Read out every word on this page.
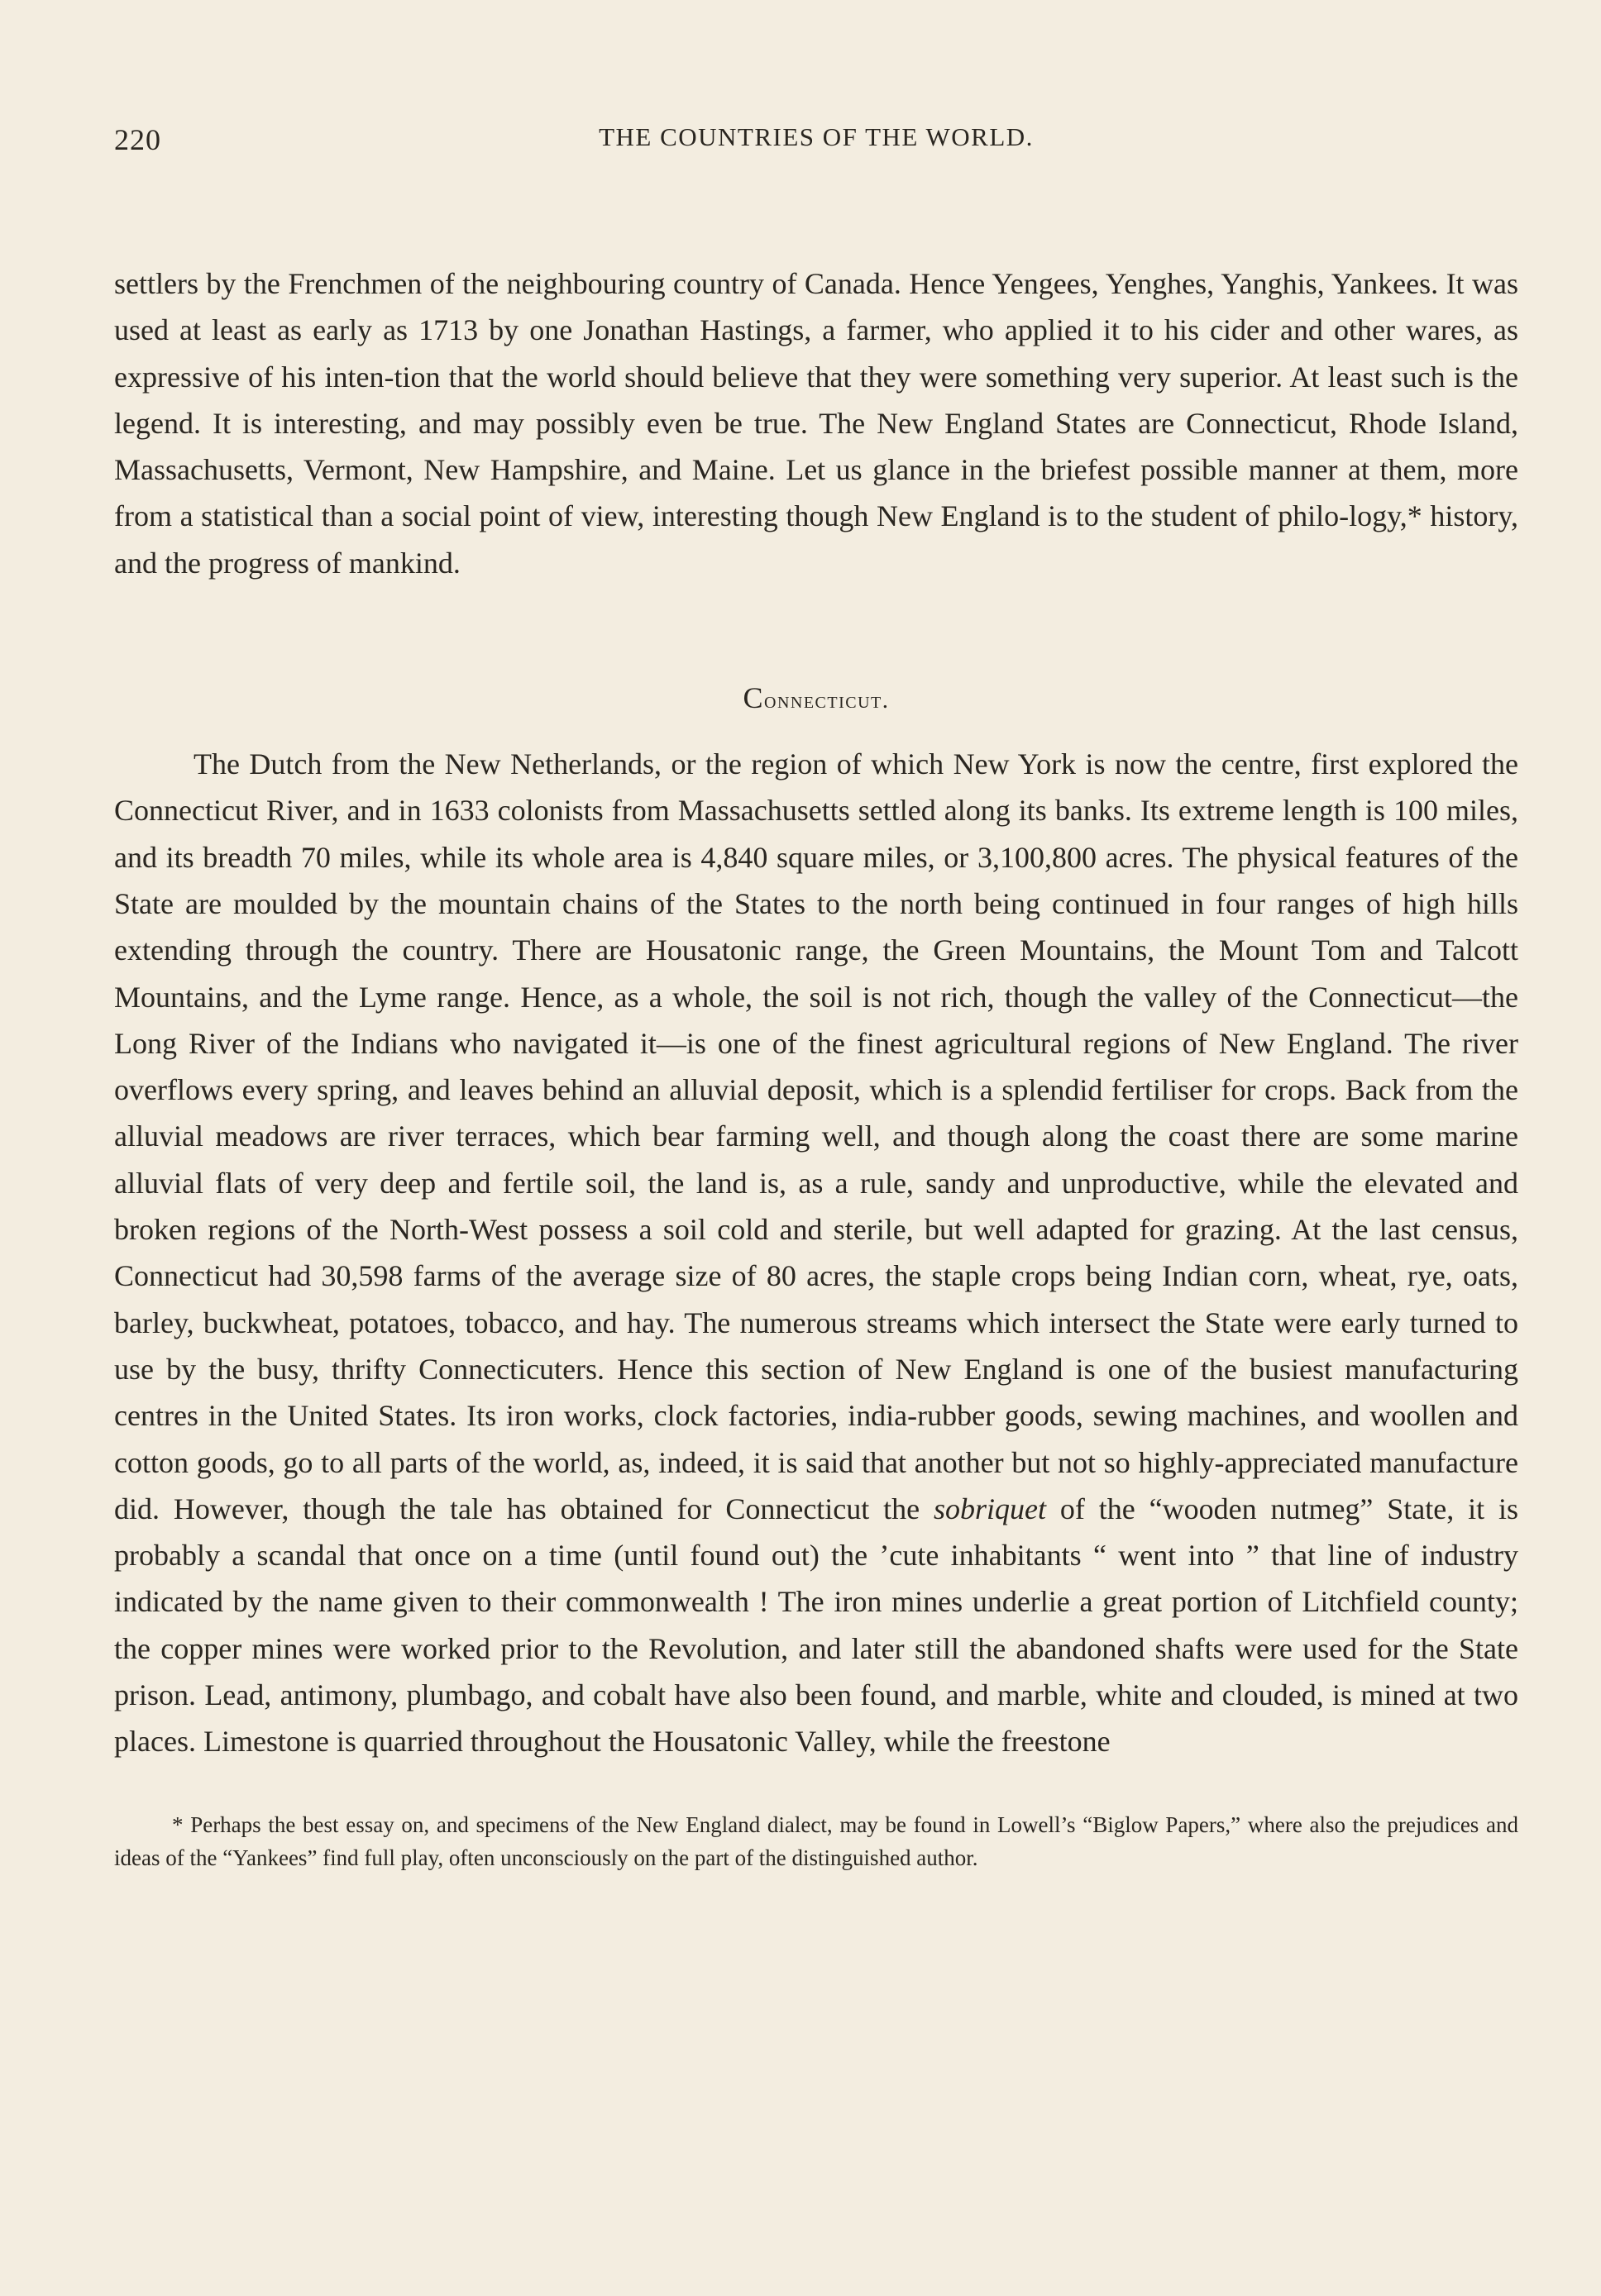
220	THE COUNTRIES OF THE WORLD.

settlers by the Frenchmen of the neighbouring country of Canada. Hence Yengees, Yenghes, Yanghis, Yankees. It was used at least as early as 1713 by one Jonathan Hastings, a farmer, who applied it to his cider and other wares, as expressive of his inten-tion that the world should believe that they were something very superior. At least such is the legend. It is interesting, and may possibly even be true. The New England States are Connecticut, Rhode Island, Massachusetts, Vermont, New Hampshire, and Maine. Let us glance in the briefest possible manner at them, more from a statistical than a social point of view, interesting though New England is to the student of philo-logy,* history, and the progress of mankind.

Connecticut.

The Dutch from the New Netherlands, or the region of which New York is now the centre, first explored the Connecticut River, and in 1633 colonists from Massachusetts settled along its banks. Its extreme length is 100 miles, and its breadth 70 miles, while its whole area is 4,840 square miles, or 3,100,800 acres. The physical features of the State are moulded by the mountain chains of the States to the north being continued in four ranges of high hills extending through the country. There are Housatonic range, the Green Mountains, the Mount Tom and Talcott Mountains, and the Lyme range. Hence, as a whole, the soil is not rich, though the valley of the Connecticut—the Long River of the Indians who navigated it—is one of the finest agricultural regions of New England. The river overflows every spring, and leaves behind an alluvial deposit, which is a splendid fertiliser for crops. Back from the alluvial meadows are river terraces, which bear farming well, and though along the coast there are some marine alluvial flats of very deep and fertile soil, the land is, as a rule, sandy and unproductive, while the elevated and broken regions of the North-West possess a soil cold and sterile, but well adapted for grazing. At the last census, Connecticut had 30,598 farms of the average size of 80 acres, the staple crops being Indian corn, wheat, rye, oats, barley, buckwheat, potatoes, tobacco, and hay. The numerous streams which intersect the State were early turned to use by the busy, thrifty Connecticuters. Hence this section of New England is one of the busiest manufacturing centres in the United States. Its iron works, clock factories, india-rubber goods, sewing machines, and woollen and cotton goods, go to all parts of the world, as, indeed, it is said that another but not so highly-appreciated manufacture did. However, though the tale has obtained for Connecticut the sobriquet of the “wooden nutmeg” State, it is probably a scandal that once on a time (until found out) the ’cute inhabitants “ went into ” that line of industry indicated by the name given to their commonwealth ! The iron mines underlie a great portion of Litchfield county; the copper mines were worked prior to the Revolution, and later still the abandoned shafts were used for the State prison. Lead, antimony, plumbago, and cobalt have also been found, and marble, white and clouded, is mined at two places. Limestone is quarried throughout the Housatonic Valley, while the freestone

* Perhaps the best essay on, and specimens of the New England dialect, may be found in Lowell’s “Biglow Papers,” where also the prejudices and ideas of the “Yankees” find full play, often unconsciously on the part of the distinguished author.
